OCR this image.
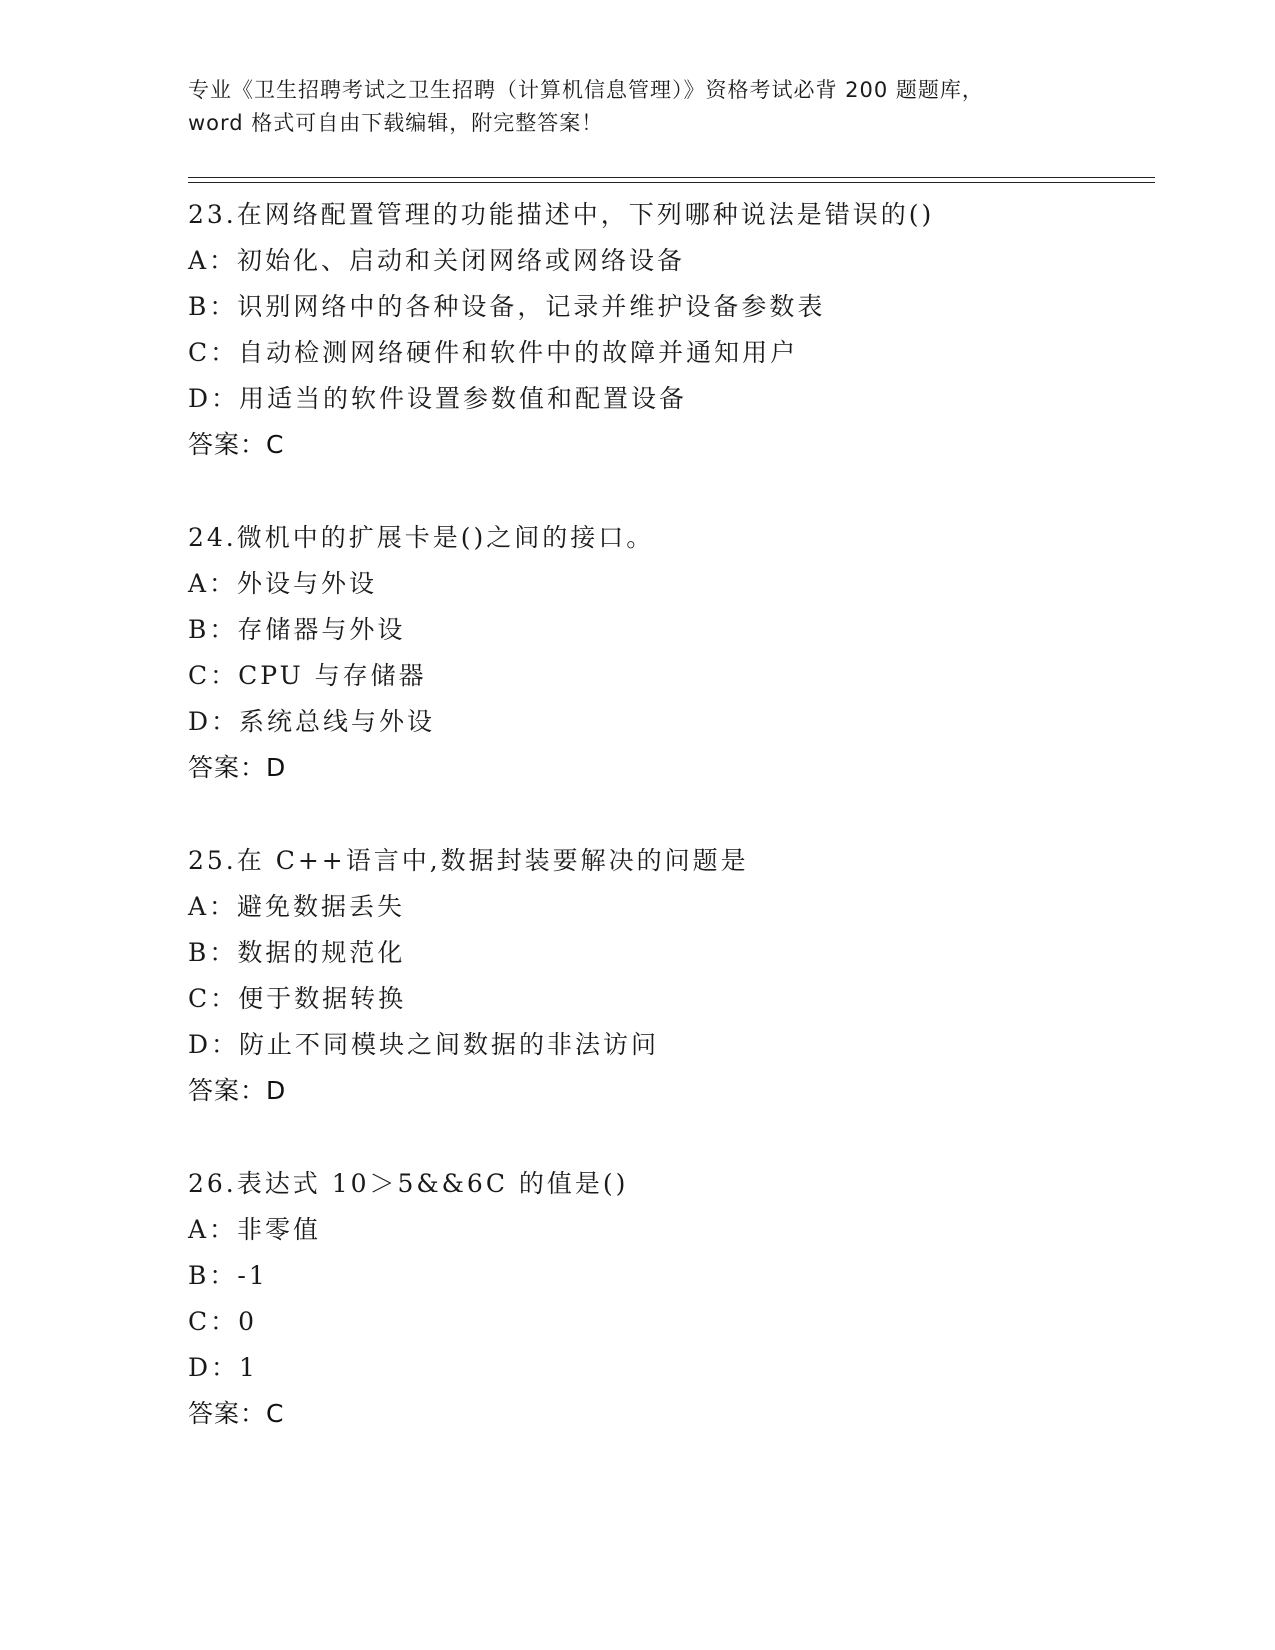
专业《卫生招聘考试之卫生招聘（计算机信息管理）》资格考试必背 200 题题库，
word 格式可自由下载编辑，附完整答案！
23.在网络配置管理的功能描述中，下列哪种说法是错误的()
A：初始化、启动和关闭网络或网络设备
B：识别网络中的各种设备，记录并维护设备参数表
C：自动检测网络硬件和软件中的故障并通知用户
D：用适当的软件设置参数值和配置设备
答案：C
24.微机中的扩展卡是()之间的接口。
A：外设与外设
B：存储器与外设
C：CPU 与存储器
D：系统总线与外设
答案：D
25.在 C++语言中,数据封装要解决的问题是
A：避免数据丢失
B：数据的规范化
C：便于数据转换
D：防止不同模块之间数据的非法访问
答案：D
26.表达式 10＞5&&6C 的值是()
A：非零值
B：-1
C：0
D：1
答案：C
